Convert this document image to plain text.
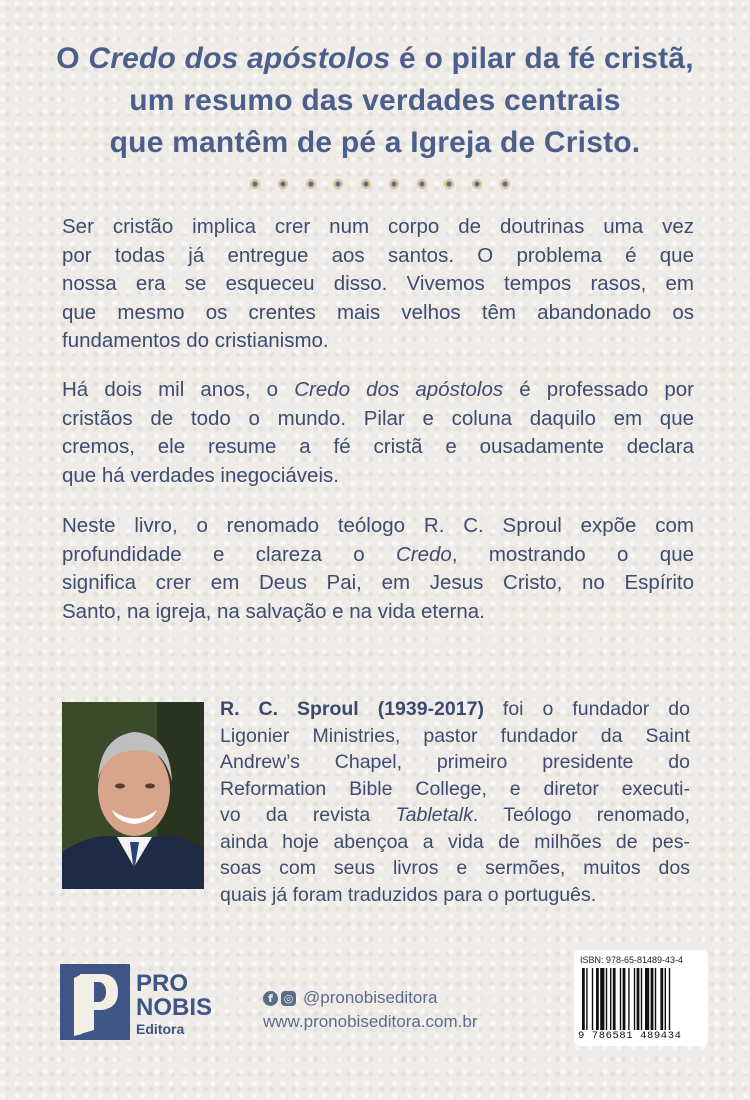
O Credo dos apóstolos é o pilar da fé cristã,
um resumo das verdades centrais
que mantêm de pé a Igreja de Cristo.
Ser cristão implica crer num corpo de doutrinas uma vez
por todas já entregue aos santos. O problema é que
nossa era se esqueceu disso. Vivemos tempos rasos, em
que mesmo os crentes mais velhos têm abandonado os
fundamentos do cristianismo.
Há dois mil anos, o Credo dos apóstolos é professado por
cristãos de todo o mundo. Pilar e coluna daquilo em que
cremos, ele resume a fé cristã e ousadamente declara
que há verdades inegociáveis.
Neste livro, o renomado teólogo R. C. Sproul expõe com
profundidade e clareza o Credo, mostrando o que
significa crer em Deus Pai, em Jesus Cristo, no Espírito
Santo, na igreja, na salvação e na vida eterna.
R. C. Sproul (1939-2017) foi o fundador do
Ligonier Ministries, pastor fundador da Saint
Andrew’s Chapel, primeiro presidente do
Reformation Bible College, e diretor executi-
vo da revista Tabletalk. Teólogo renomado,
ainda hoje abençoa a vida de milhões de pes-
soas com seus livros e sermões, muitos dos
quais já foram traduzidos para o português.
PRO
NOBIS
Editora
f ◎ @pronobiseditora
www.pronobiseditora.com.br
ISBN: 978-65-81489-43-4
9 786581 489434
